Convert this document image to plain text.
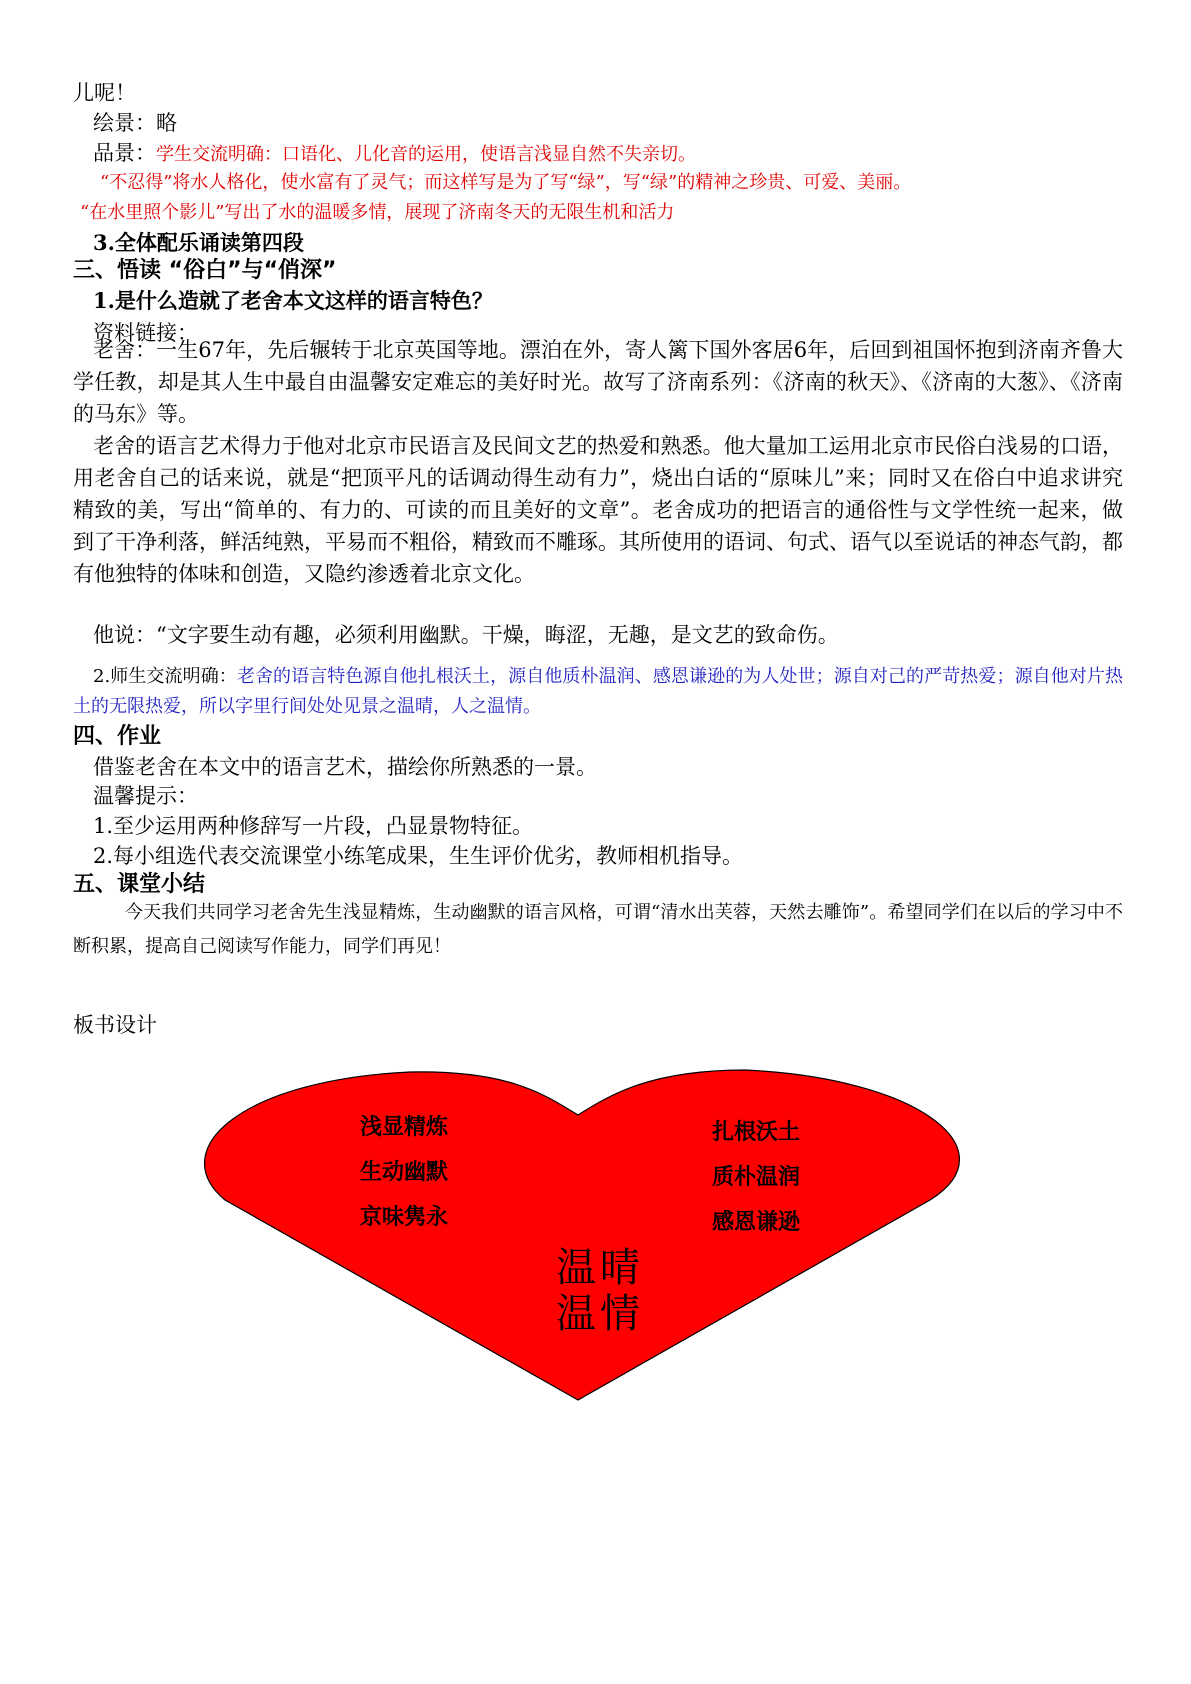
儿呢！
绘景：略
品景：学生交流明确：口语化、儿化音的运用，使语言浅显自然不失亲切。
“不忍得”将水人格化，使水富有了灵气；而这样写是为了写“绿”，写“绿”的精神之珍贵、可爱、美丽。
“在水里照个影儿”写出了水的温暖多情，展现了济南冬天的无限生机和活力
3.全体配乐诵读第四段
三、悟读 “俗白”与“俏深”
1.是什么造就了老舍本文这样的语言特色？
资料链接：
老舍：一生67年，先后辗转于北京英国等地。漂泊在外，寄人篱下国外客居6年，后回到祖国怀抱到济南齐鲁大学任教，却是其人生中最自由温馨安定难忘的美好时光。故写了济南系列：《济南的秋天》、《济南的大葱》、《济南的马东》等。
老舍的语言艺术得力于他对北京市民语言及民间文艺的热爱和熟悉。他大量加工运用北京市民俗白浅易的口语，用老舍自己的话来说，就是“把顶平凡的话调动得生动有力”，烧出白话的“原味儿”来；同时又在俗白中追求讲究精致的美，写出“简单的、有力的、可读的而且美好的文章”。老舍成功的把语言的通俗性与文学性统一起来，做到了干净利落，鲜活纯熟，平易而不粗俗，精致而不雕琢。其所使用的语词、句式、语气以至说话的神态气韵，都有他独特的体味和创造，又隐约渗透着北京文化。
他说：“文字要生动有趣，必须利用幽默。干燥，晦涩，无趣，是文艺的致命伤。
2.师生交流明确：老舍的语言特色源自他扎根沃土，源自他质朴温润、感恩谦逊的为人处世；源自对己的严苛热爱；源自他对片热土的无限热爱，所以字里行间处处见景之温晴，人之温情。
四、作业
借鉴老舍在本文中的语言艺术，描绘你所熟悉的一景。
温馨提示：
1.至少运用两种修辞写一片段，凸显景物特征。
2.每小组选代表交流课堂小练笔成果，生生评价优劣，教师相机指导。
五、课堂小结
今天我们共同学习老舍先生浅显精炼，生动幽默的语言风格，可谓“清水出芙蓉，天然去雕饰”。希望同学们在以后的学习中不断积累，提高自己阅读写作能力，同学们再见！
板书设计
浅显精炼
生动幽默
京味隽永
扎根沃土
质朴温润
感恩谦逊
温晴
温情
